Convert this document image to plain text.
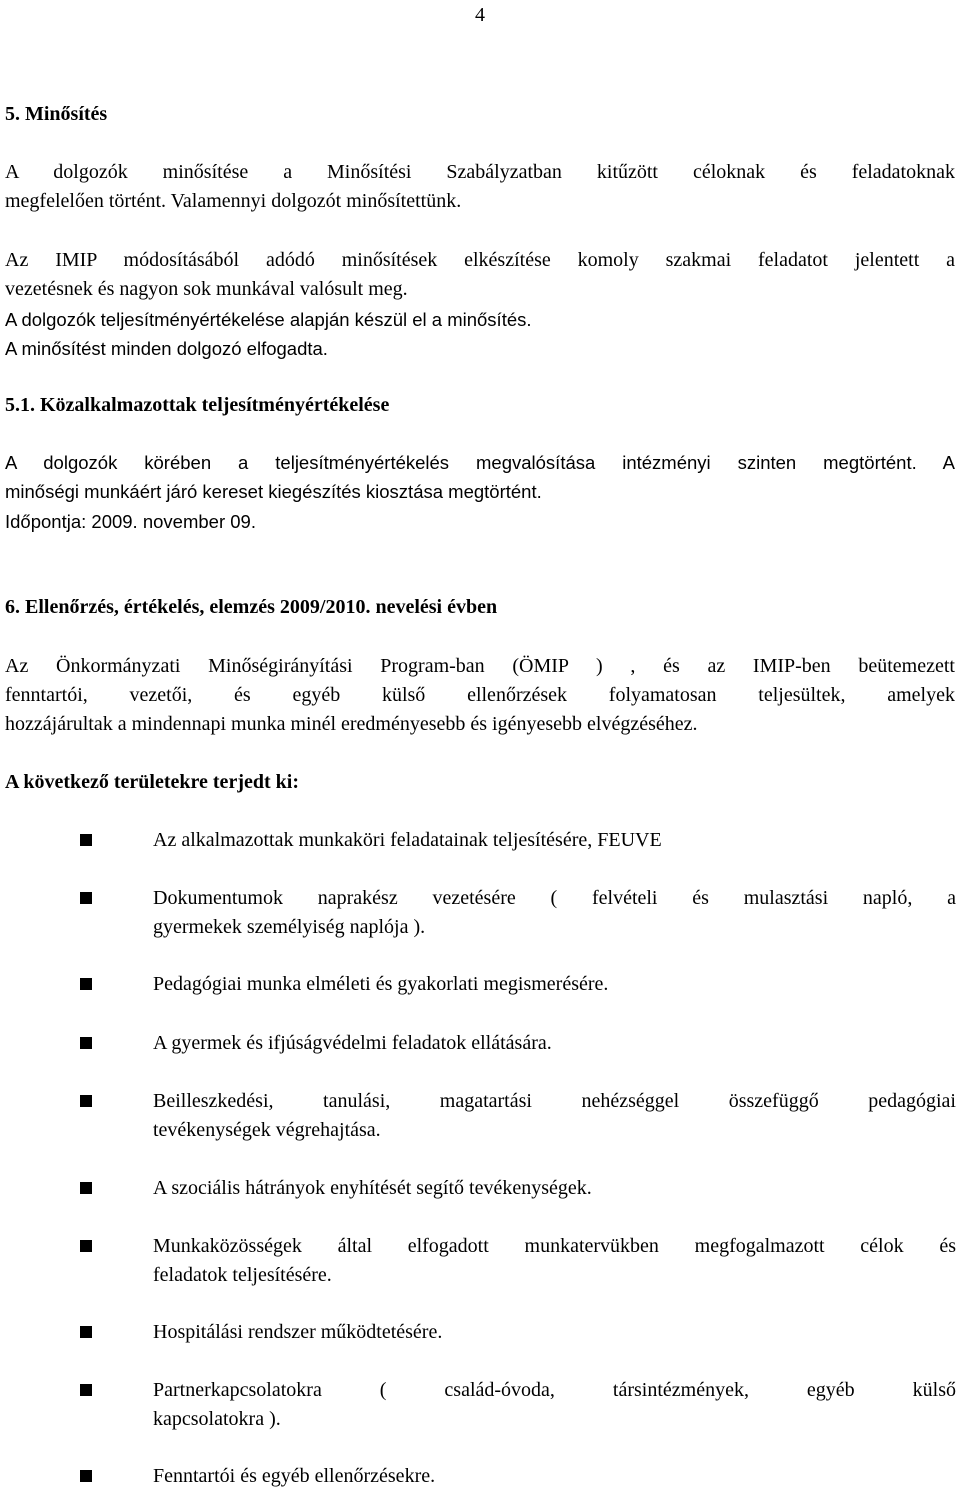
4
5. Minősítés

A dolgozók minősítése a Minősítési Szabályzatban kitűzött céloknak és feladatoknak

megfelelően történt. Valamennyi dolgozót minősítettünk.

Az IMIP módosításából adódó minősítések elkészítése komoly szakmai feladatot jelentett a

vezetésnek és nagyon sok munkával valósult meg.

A dolgozók teljesítményértékelése alapján készül el a minősítés.

A minősítést minden dolgozó elfogadta.

5.1. Közalkalmazottak teljesítményértékelése

A dolgozók körében a teljesítményértékelés megvalósítása intézményi szinten megtörtént. A

minőségi munkáért járó kereset kiegészítés kiosztása megtörtént.

Időpontja: 2009. november 09.

6. Ellenőrzés, értékelés, elemzés 2009/2010. nevelési évben

Az Önkormányzati Minőségirányítási Program-ban (ÖMIP ) , és az IMIP-ben beütemezett

fenntartói, vezetői, és egyéb külső ellenőrzések folyamatosan teljesültek, amelyek

hozzájárultak a mindennapi munka minél eredményesebb és igényesebb elvégzéséhez.

A következő területekre terjedt ki:

Az alkalmazottak munkaköri feladatainak teljesítésére, FEUVE

Dokumentumok naprakész vezetésére ( felvételi és mulasztási napló, a

gyermekek személyiség naplója ).

Pedagógiai munka elméleti és gyakorlati megismerésére.

A gyermek és ifjúságvédelmi feladatok ellátására.

Beilleszkedési, tanulási, magatartási nehézséggel összefüggő pedagógiai

tevékenységek végrehajtása.

A szociális hátrányok enyhítését segítő tevékenységek.

Munkaközösségek által elfogadott munkatervükben megfogalmazott célok és

feladatok teljesítésére.

Hospitálási rendszer működtetésére.

Partnerkapcsolatokra ( család-óvoda, társintézmények, egyéb külső

kapcsolatokra ).

Fenntartói és egyéb ellenőrzésekre.
